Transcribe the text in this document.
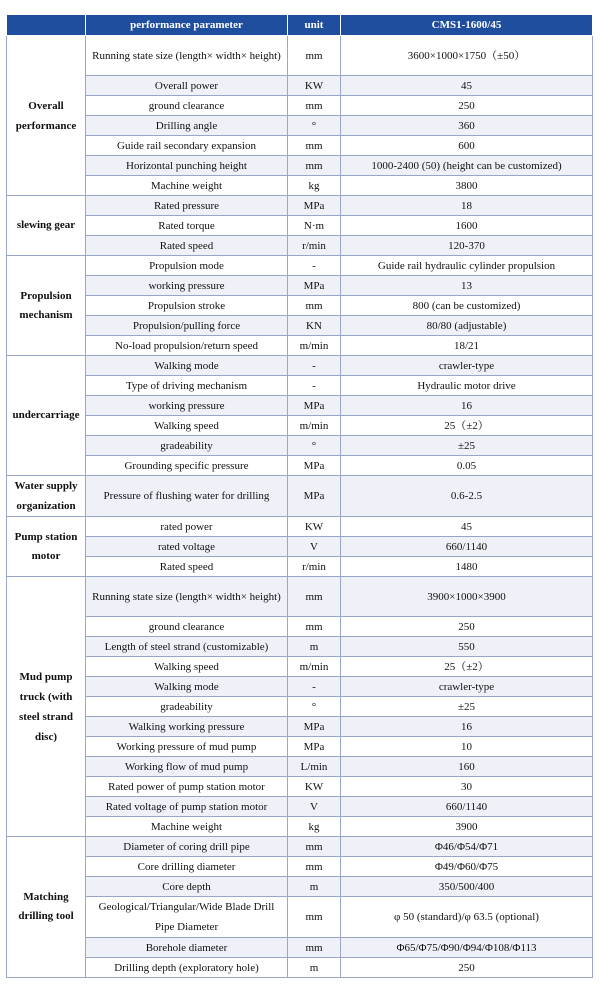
	performance parameter	unit	CMS1-1600/45
Overall performance	Running state size (length× width× height)	mm	3600×1000×1750（±50）
	Overall power	KW	45
	ground clearance	mm	250
	Drilling angle	°	360
	Guide rail secondary expansion	mm	600
	Horizontal punching height	mm	1000-2400 (50) (height can be customized)
	Machine weight	kg	3800
slewing gear	Rated pressure	MPa	18
	Rated torque	N·m	1600
	Rated speed	r/min	120-370
Propulsion mechanism	Propulsion mode	-	Guide rail hydraulic cylinder propulsion
	working pressure	MPa	13
	Propulsion stroke	mm	800 (can be customized)
	Propulsion/pulling force	KN	80/80 (adjustable)
	No-load propulsion/return speed	m/min	18/21
undercarriage	Walking mode	-	crawler-type
	Type of driving mechanism	-	Hydraulic motor drive
	working pressure	MPa	16
	Walking speed	m/min	25（±2）
	gradeability	°	±25
	Grounding specific pressure	MPa	0.05
Water supply organization	Pressure of flushing water for drilling	MPa	0.6-2.5
Pump station motor	rated power	KW	45
	rated voltage	V	660/1140
	Rated speed	r/min	1480
Mud pump truck (with steel strand disc)	Running state size (length× width× height)	mm	3900×1000×3900
	ground clearance	mm	250
	Length of steel strand (customizable)	m	550
	Walking speed	m/min	25（±2）
	Walking mode	-	crawler-type
	gradeability	°	±25
	Walking working pressure	MPa	16
	Working pressure of mud pump	MPa	10
	Working flow of mud pump	L/min	160
	Rated power of pump station motor	KW	30
	Rated voltage of pump station motor	V	660/1140
	Machine weight	kg	3900
Matching drilling tool	Diameter of coring drill pipe	mm	Φ46/Φ54/Φ71
	Core drilling diameter	mm	Φ49/Φ60/Φ75
	Core depth	m	350/500/400
	Geological/Triangular/Wide Blade Drill Pipe Diameter	mm	φ 50 (standard)/φ 63.5 (optional)
	Borehole diameter	mm	Φ65/Φ75/Φ90/Φ94/Φ108/Φ113
	Drilling depth (exploratory hole)	m	250
